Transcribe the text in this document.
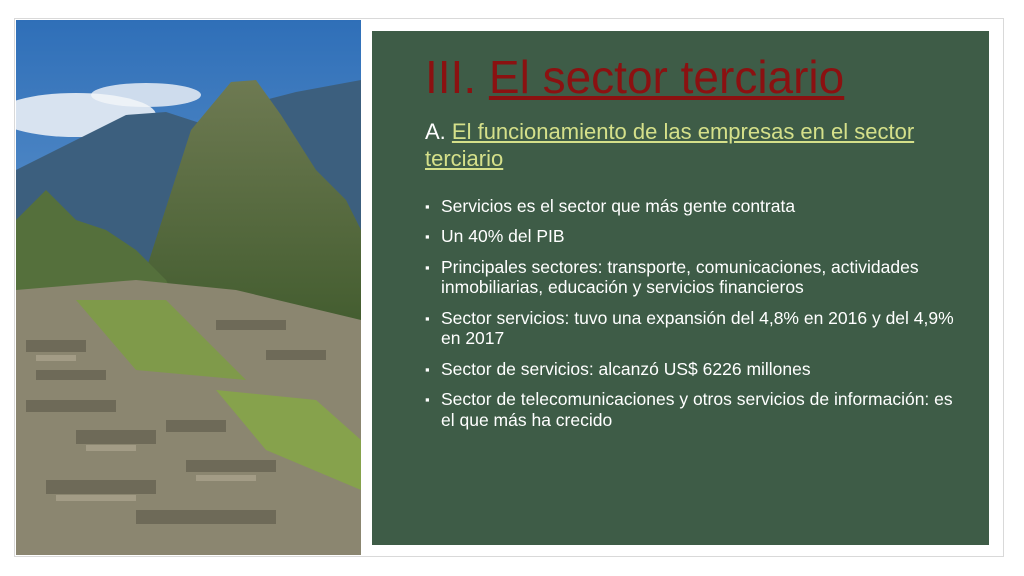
III. El sector terciario

A. El funcionamiento de las empresas en el sector terciario

▪ Servicios es el sector que más gente contrata
▪ Un 40% del PIB
▪ Principales sectores: transporte, comunicaciones, actividades inmobiliarias, educación y servicios financieros
▪ Sector servicios: tuvo una expansión del 4,8% en 2016 y del 4,9% en 2017
▪ Sector de servicios: alcanzó US$ 6226 millones
▪ Sector de telecomunicaciones y otros servicios de información: es el que más ha crecido
